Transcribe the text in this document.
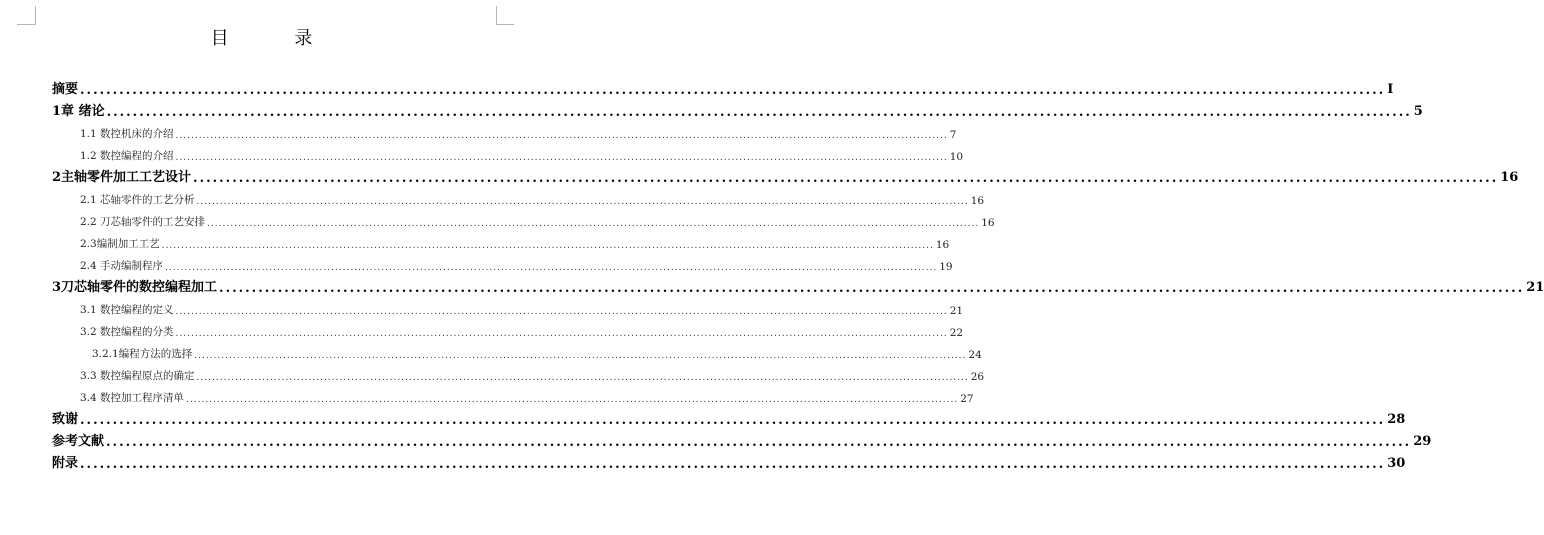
目 录
摘要 ........................................................................................................................................................................................................ I
1章 绪论 ........................................................................................................................................................................................................ 5
1.1 数控机床的介绍 ........................................................................................................................................................................................................ 7
1.2 数控编程的介绍 ........................................................................................................................................................................................................ 10
2主轴零件加工工艺设计 ........................................................................................................................................................................................................ 16
2.1 芯轴零件的工艺分析 ........................................................................................................................................................................................................ 16
2.2 刀芯轴零件的工艺安排 ........................................................................................................................................................................................................ 16
2.3编制加工工艺 ........................................................................................................................................................................................................ 16
2.4 手动编制程序 ........................................................................................................................................................................................................ 19
3刀芯轴零件的数控编程加工 ........................................................................................................................................................................................................ 21
3.1 数控编程的定义 ........................................................................................................................................................................................................ 21
3.2 数控编程的分类 ........................................................................................................................................................................................................ 22
3.2.1编程方法的选择 ........................................................................................................................................................................................................ 24
3.3 数控编程原点的确定 ........................................................................................................................................................................................................ 26
3.4 数控加工程序清单 ........................................................................................................................................................................................................ 27
致谢 ........................................................................................................................................................................................................ 28
参考文献 ........................................................................................................................................................................................................ 29
附录 ........................................................................................................................................................................................................ 30
